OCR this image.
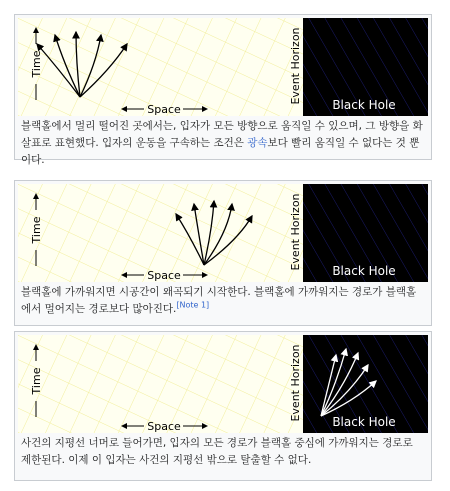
Time
Space
Event Horizon
Black Hole
블랙홀에서 멀리 떨어진 곳에서는, 입자가 모든 방향으로 움직일 수 있으며, 그 방향을 화살표로 표현했다. 입자의 운동을 구속하는 조건은 광속보다 빨리 움직일 수 없다는 것 뿐이다.
Time
Space
Event Horizon
Black Hole
블랙홀에 가까워지면 시공간이 왜곡되기 시작한다. 블랙홀에 가까워지는 경로가 블랙홀에서 멀어지는 경로보다 많아진다.[Note 1]
Time
Space
Event Horizon
Black Hole
사건의 지평선 너머로 들어가면, 입자의 모든 경로가 블랙홀 중심에 가까워지는 경로로 제한된다. 이제 이 입자는 사건의 지평선 밖으로 탈출할 수 없다.
